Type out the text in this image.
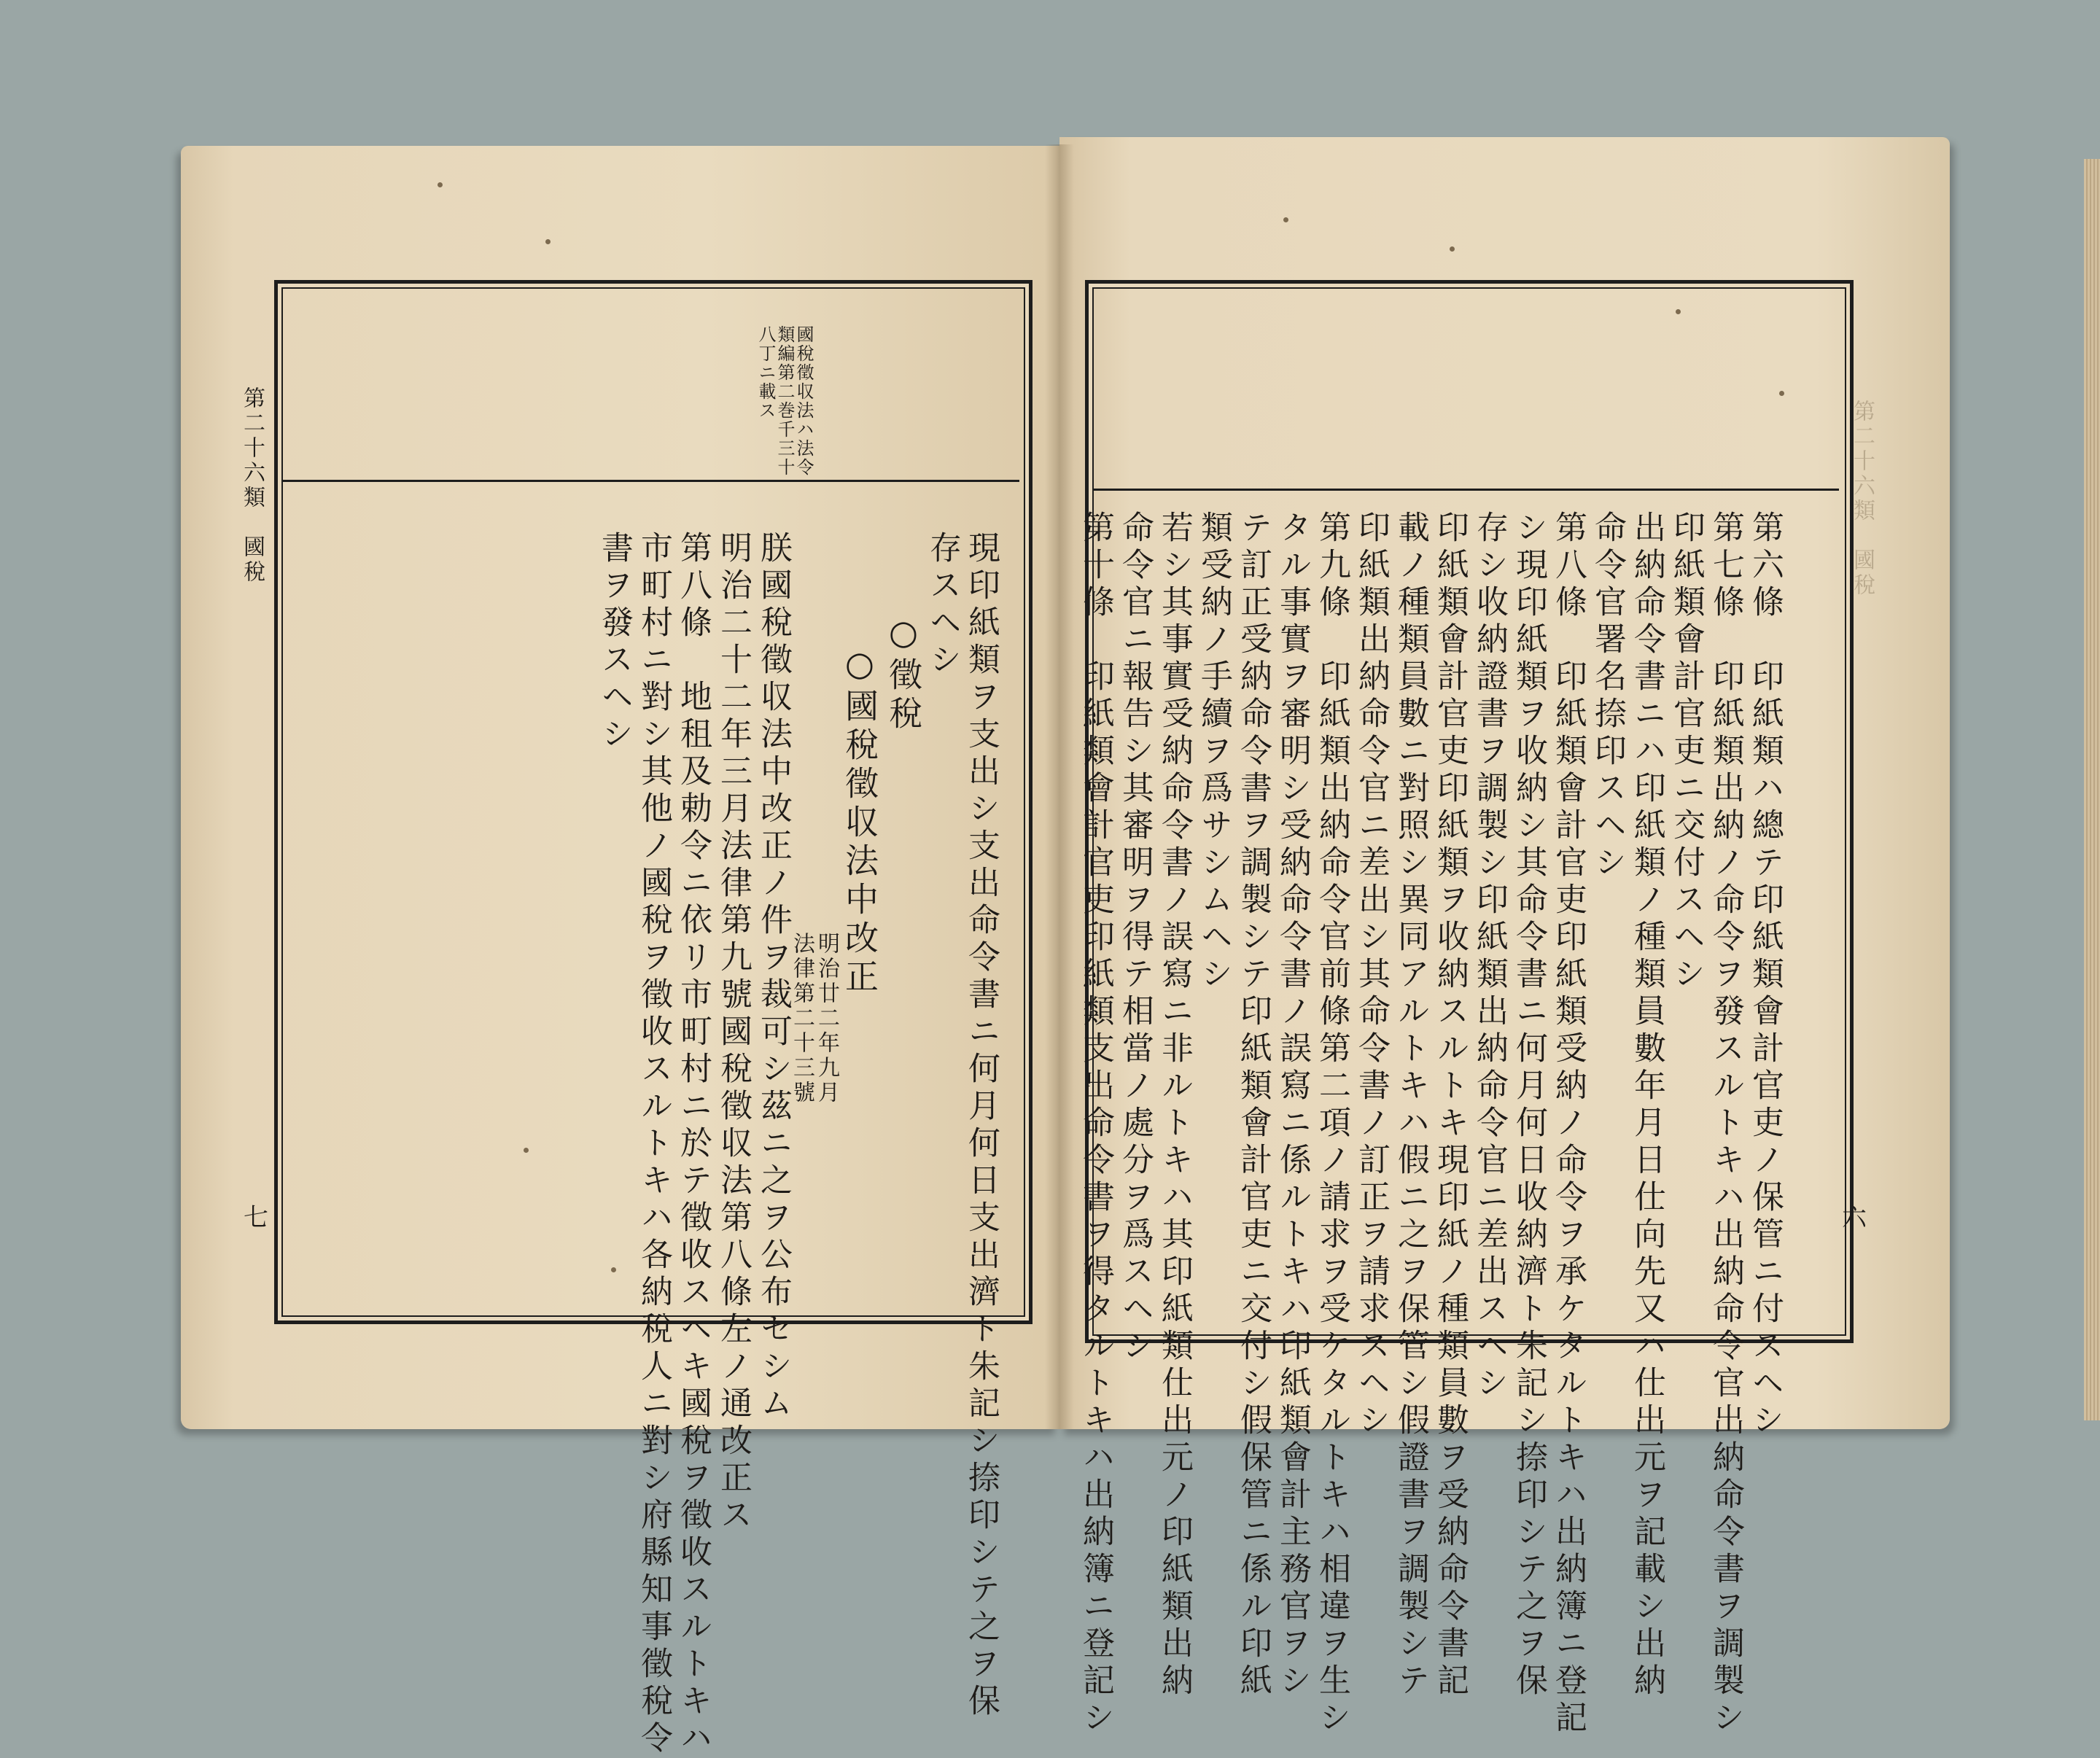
第二十六類　國稅
七
國稅徵収法ハ法令
類編第二巻千三十
八丁ニ載ス
現印紙類ヲ支出シ支出命令書ニ何月何日支出濟ト朱記シ捺印シテ之ヲ保
存スヘシ
○徵稅
○國稅徵収法中改正
明治廿二年九月
法律第二十三號
朕國稅徵収法中改正ノ件ヲ裁可シ茲ニ之ヲ公布セシム
明治二十二年三月法律第九號國稅徵収法第八條左ノ通改正ス
第八條　地租及勅令ニ依リ市町村ニ於テ徵收スヘキ國稅ヲ徵收スルトキハ
市町村ニ對シ其他ノ國稅ヲ徵收スルトキハ各納稅人ニ對シ府縣知事徵稅令
書ヲ發スヘシ
第二十六類　國稅
六
第六條　印紙類ハ總テ印紙類會計官吏ノ保管ニ付スヘシ
第七條　印紙類出納ノ命令ヲ發スルトキハ出納命令官出納命令書ヲ調製シ
印紙類會計官吏ニ交付スヘシ
出納命令書ニハ印紙類ノ種類員數年月日仕向先又ハ仕出元ヲ記載シ出納
命令官署名捺印スヘシ
第八條　印紙類會計官吏印紙類受納ノ命令ヲ承ケタルトキハ出納簿ニ登記
シ現印紙類ヲ收納シ其命令書ニ何月何日收納濟ト朱記シ捺印シテ之ヲ保
存シ收納證書ヲ調製シ印紙類出納命令官ニ差出スヘシ
印紙類會計官吏印紙類ヲ收納スルトキ現印紙ノ種類員數ヲ受納命令書記
載ノ種類員數ニ對照シ異同アルトキハ假ニ之ヲ保管シ假證書ヲ調製シテ
印紙類出納命令官ニ差出シ其命令書ノ訂正ヲ請求スヘシ
第九條　印紙類出納命令官前條第二項ノ請求ヲ受ケタルトキハ相違ヲ生シ
タル事實ヲ審明シ受納命令書ノ誤寫ニ係ルトキハ印紙類會計主務官ヲシ
テ訂正受納命令書ヲ調製シテ印紙類會計官吏ニ交付シ假保管ニ係ル印紙
類受納ノ手續ヲ爲サシムヘシ
若シ其事實受納命令書ノ誤寫ニ非ルトキハ其印紙類仕出元ノ印紙類出納
命令官ニ報告シ其審明ヲ得テ相當ノ處分ヲ爲スヘシ
第十條　印紙類會計官吏印紙類支出命令書ヲ得タルトキハ出納簿ニ登記シ
